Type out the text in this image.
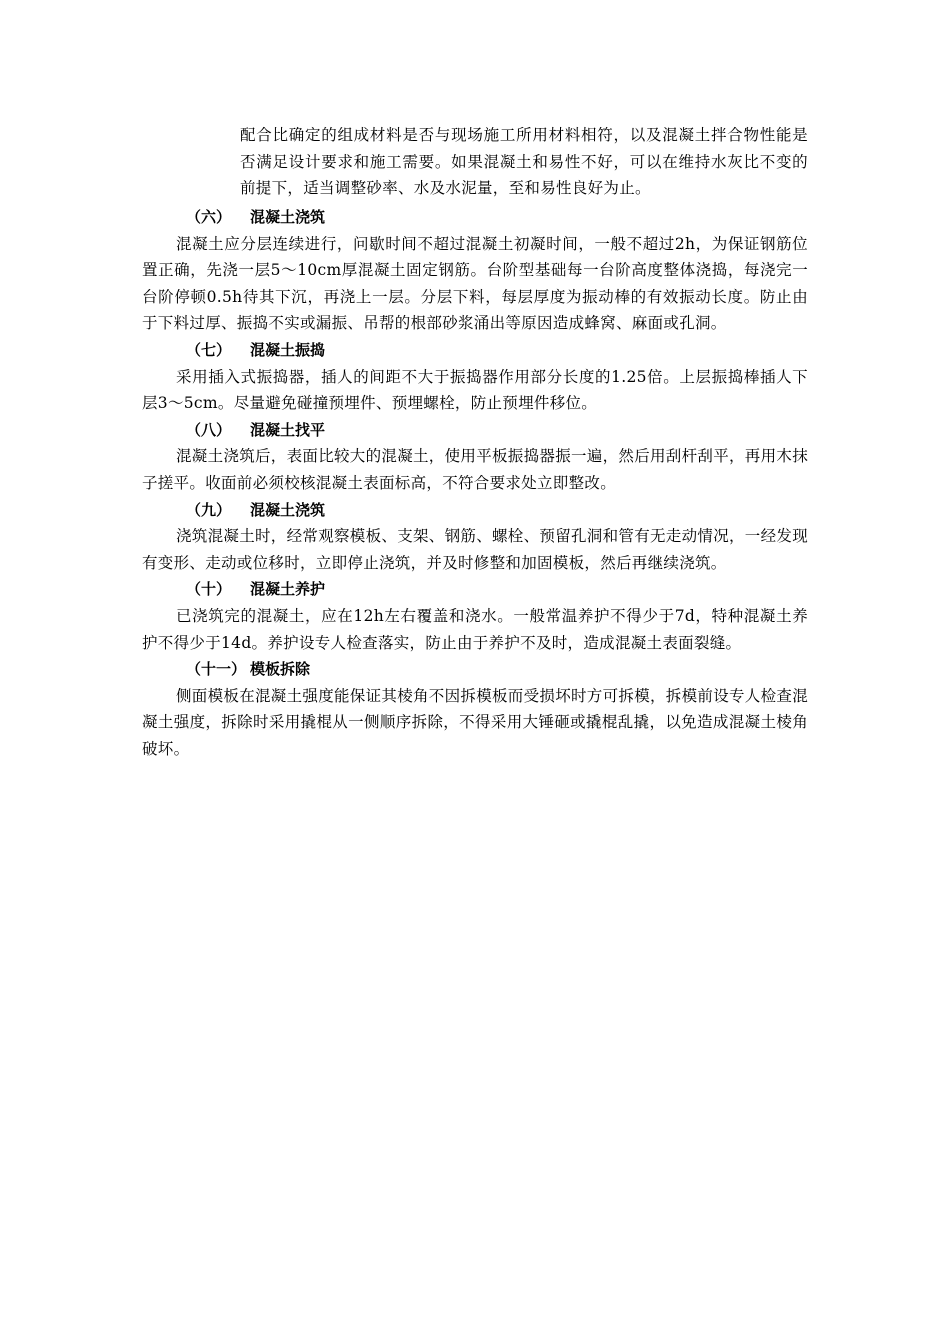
配合比确定的组成材料是否与现场施工所用材料相符，以及混凝土拌合物性能是否满足设计要求和施工需要。如果混凝土和易性不好，可以在维持水灰比不变的前提下，适当调整砂率、水及水泥量，至和易性良好为止。

（六） 混凝土浇筑

混凝土应分层连续进行，问歇时间不超过混凝土初凝时间，一般不超过2h，为保证钢筋位置正确，先浇一层5～10cm厚混凝土固定钢筋。台阶型基础每一台阶高度整体浇捣，每浇完一台阶停顿0.5h待其下沉，再浇上一层。分层下料，每层厚度为振动棒的有效振动长度。防止由于下料过厚、振捣不实或漏振、吊帮的根部砂浆涌出等原因造成蜂窝、麻面或孔洞。

（七） 混凝土振捣

采用插入式振捣器，插人的间距不大于振捣器作用部分长度的1.25倍。上层振捣棒插人下层3～5cm。尽量避免碰撞预埋件、预埋螺栓，防止预埋件移位。

（八） 混凝土找平

混凝土浇筑后，表面比较大的混凝土，使用平板振捣器振一遍，然后用刮杆刮平，再用木抹子搓平。收面前必须校核混凝土表面标高，不符合要求处立即整改。

（九） 混凝土浇筑

浇筑混凝土时，经常观察模板、支架、钢筋、螺栓、预留孔洞和管有无走动情况，一经发现有变形、走动或位移时，立即停止浇筑，并及时修整和加固模板，然后再继续浇筑。

（十） 混凝土养护

已浇筑完的混凝土，应在12h左右覆盖和浇水。一般常温养护不得少于7d，特种混凝土养护不得少于14d。养护设专人检查落实，防止由于养护不及时，造成混凝土表面裂缝。

（十一） 模板拆除

侧面模板在混凝土强度能保证其棱角不因拆模板而受损坏时方可拆模，拆模前设专人检查混凝土强度，拆除时采用撬棍从一侧顺序拆除，不得采用大锤砸或撬棍乱撬，以免造成混凝土棱角破坏。
